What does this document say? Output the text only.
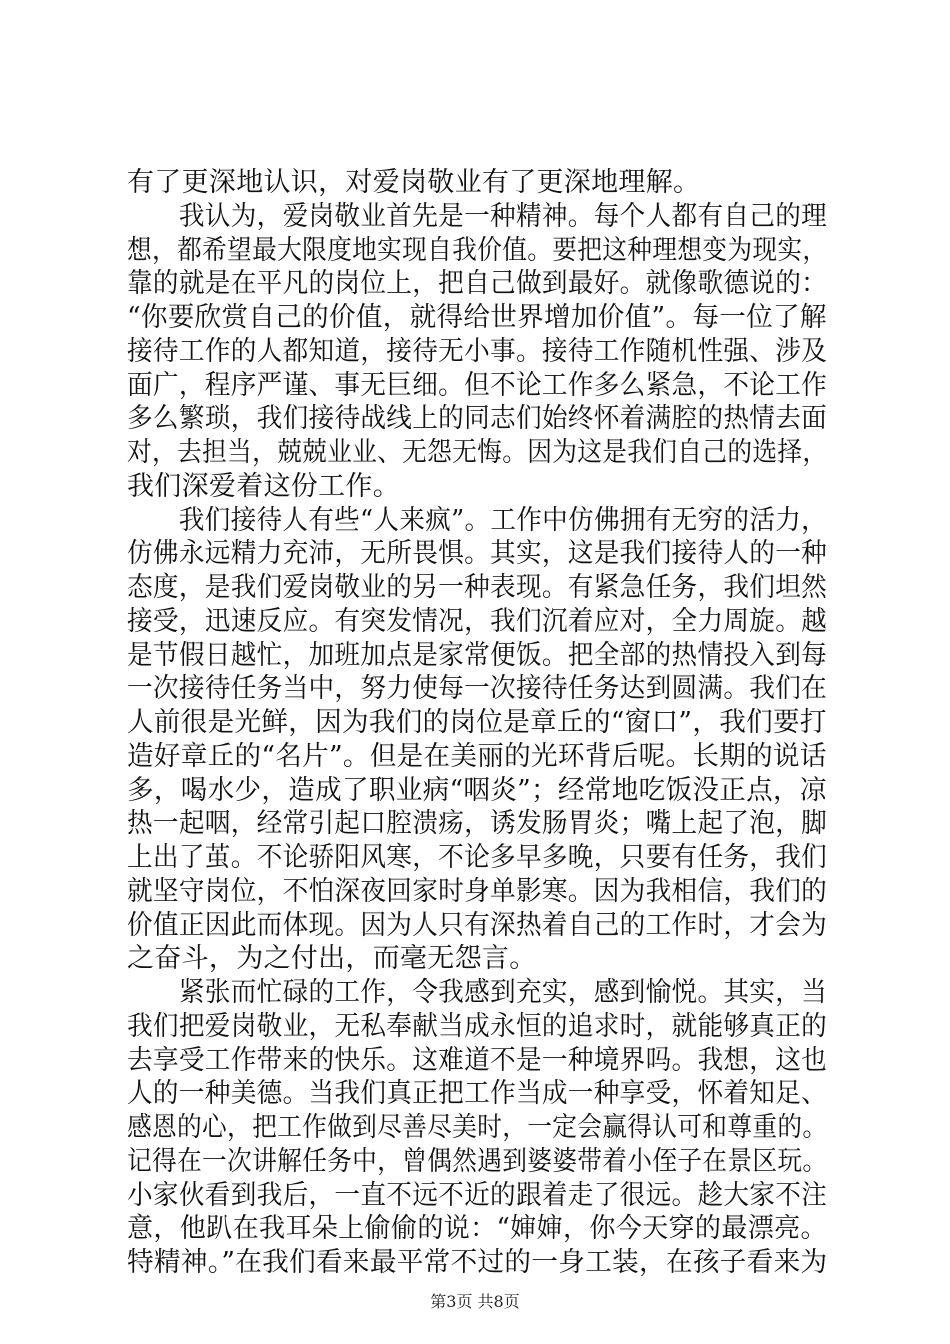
有了更深地认识，对爱岗敬业有了更深地理解。
　　我认为，爱岗敬业首先是一种精神。每个人都有自己的理
想，都希望最大限度地实现自我价值。要把这种理想变为现实，
靠的就是在平凡的岗位上，把自己做到最好。就像歌德说的：
“你要欣赏自己的价值，就得给世界增加价值”。每一位了解
接待工作的人都知道，接待无小事。接待工作随机性强、涉及
面广，程序严谨、事无巨细。但不论工作多么紧急，不论工作
多么繁琐，我们接待战线上的同志们始终怀着满腔的热情去面
对，去担当，兢兢业业、无怨无悔。因为这是我们自己的选择，
我们深爱着这份工作。
　　我们接待人有些“人来疯”。工作中仿佛拥有无穷的活力，
仿佛永远精力充沛，无所畏惧。其实，这是我们接待人的一种
态度，是我们爱岗敬业的另一种表现。有紧急任务，我们坦然
接受，迅速反应。有突发情况，我们沉着应对，全力周旋。越
是节假日越忙，加班加点是家常便饭。把全部的热情投入到每
一次接待任务当中，努力使每一次接待任务达到圆满。我们在
人前很是光鲜，因为我们的岗位是章丘的“窗口”，我们要打
造好章丘的“名片”。但是在美丽的光环背后呢。长期的说话
多，喝水少，造成了职业病“咽炎”；经常地吃饭没正点，凉
热一起咽，经常引起口腔溃疡，诱发肠胃炎；嘴上起了泡，脚
上出了茧。不论骄阳风寒，不论多早多晚，只要有任务，我们
就坚守岗位，不怕深夜回家时身单影寒。因为我相信，我们的
价值正因此而体现。因为人只有深热着自己的工作时，才会为
之奋斗，为之付出，而毫无怨言。
　　紧张而忙碌的工作，令我感到充实，感到愉悦。其实，当
我们把爱岗敬业，无私奉献当成永恒的追求时，就能够真正的
去享受工作带来的快乐。这难道不是一种境界吗。我想，这也
人的一种美德。当我们真正把工作当成一种享受，怀着知足、
感恩的心，把工作做到尽善尽美时，一定会赢得认可和尊重的。
记得在一次讲解任务中，曾偶然遇到婆婆带着小侄子在景区玩。
小家伙看到我后，一直不远不近的跟着走了很远。趁大家不注
意，他趴在我耳朵上偷偷的说：“婶婶，你今天穿的最漂亮。
特精神。”在我们看来最平常不过的一身工装，在孩子看来为
第3页 共8页
